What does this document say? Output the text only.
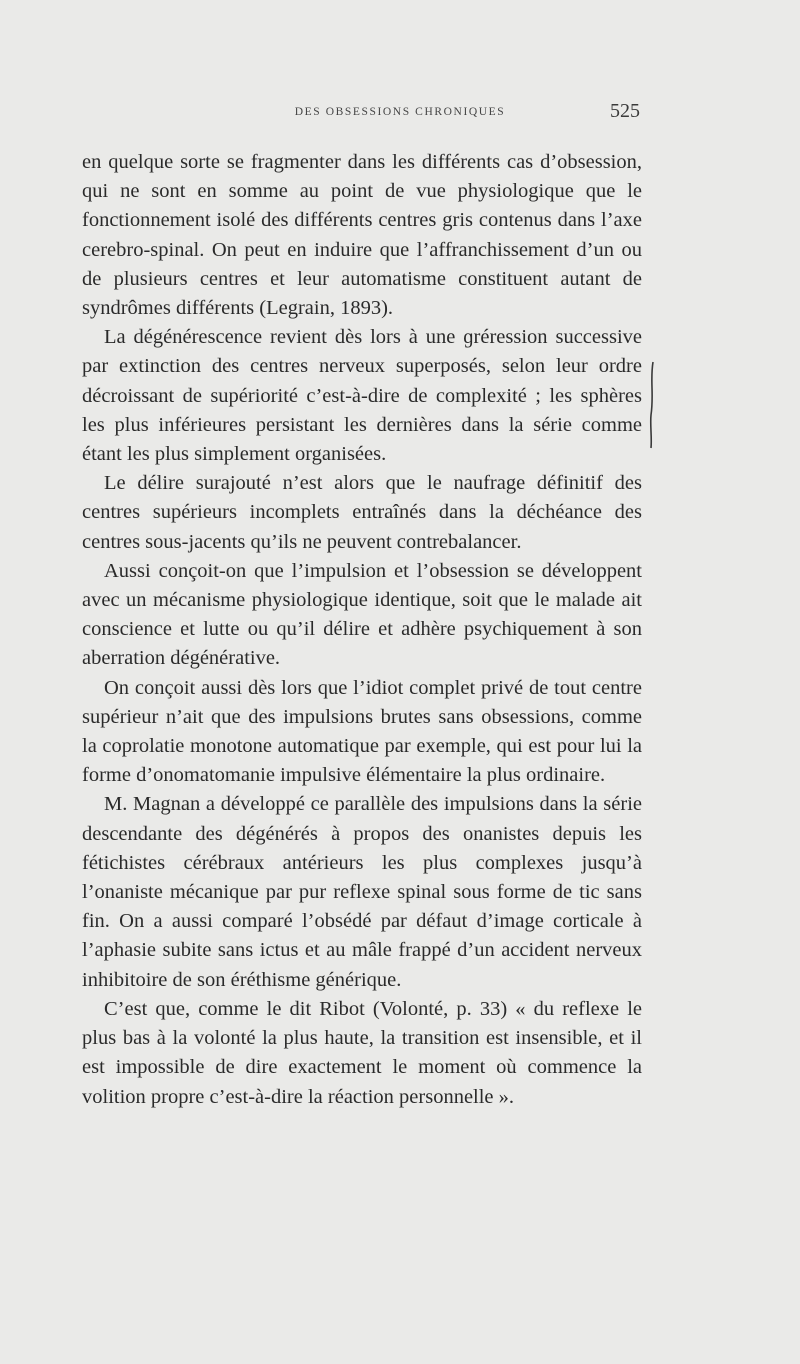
DES OBSESSIONS CHRONIQUES	525

en quelque sorte se fragmenter dans les différents cas d’obsession, qui ne sont en somme au point de vue physiologique que le fonctionnement isolé des différents centres gris contenus dans l’axe cerebro-spinal. On peut en induire que l’affranchissement d’un ou de plusieurs centres et leur automatisme constituent autant de syndrômes différents (Legrain, 1893).

La dégénérescence revient dès lors à une ɡréression successive par extinction des centres nerveux superposés, selon leur ordre décroissant de supériorité c’est-à-dire de complexité ; les sphères les plus inférieures persistant les dernières dans la série comme étant les plus simplement organisées.

Le délire surajouté n’est alors que le naufrage définitif des centres supérieurs incomplets entraînés dans la déchéance des centres sous-jacents qu’ils ne peuvent contrebalancer.

Aussi conçoit-on que l’impulsion et l’obsession se développent avec un mécanisme physiologique identique, soit que le malade ait conscience et lutte ou qu’il délire et adhère psychiquement à son aberration dégénérative.

On conçoit aussi dès lors que l’idiot complet privé de tout centre supérieur n’ait que des impulsions brutes sans obsessions, comme la coprolatie monotone automatique par exemple, qui est pour lui la forme d’onomatomanie impulsive élémentaire la plus ordinaire.

M. Magnan a développé ce parallèle des impulsions dans la série descendante des dégénérés à propos des onanistes depuis les fétichistes cérébraux antérieurs les plus complexes jusqu’à l’onaniste mécanique par pur reflexe spinal sous forme de tic sans fin. On a aussi comparé l’obsédé par défaut d’image corticale à l’aphasie subite sans ictus et au mâle frappé d’un accident nerveux inhibitoire de son éréthisme générique.

C’est que, comme le dit Ribot (Volonté, p. 33) « du reflexe le plus bas à la volonté la plus haute, la transition est insensible, et il est impossible de dire exactement le moment où commence la volition propre c’est-à-dire la réaction personnelle ».
